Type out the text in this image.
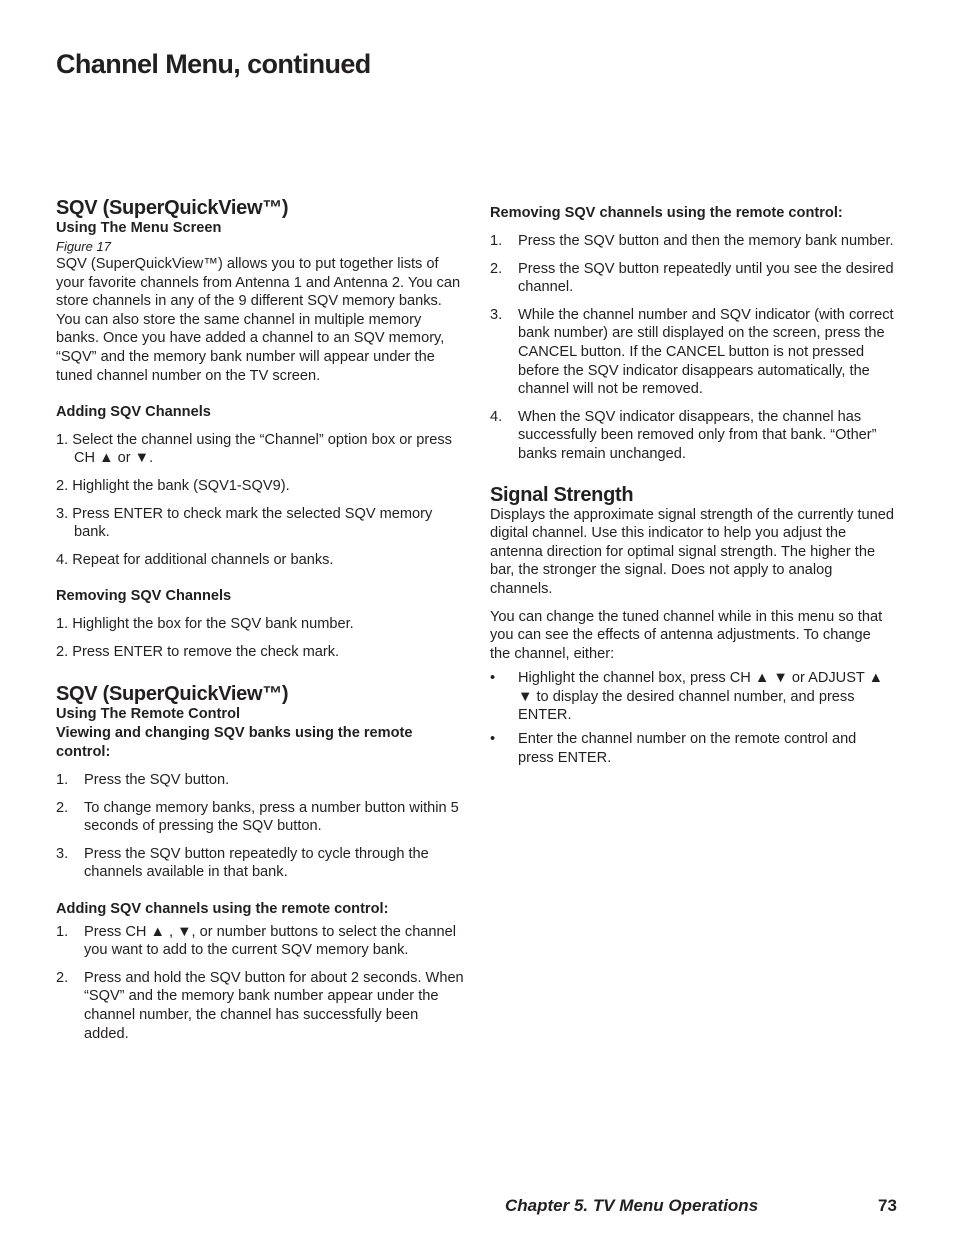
Channel Menu, continued
SQV (SuperQuickView™)

Using The Menu Screen

Figure 17

SQV (SuperQuickView™) allows you to put together lists of your favorite channels from Antenna 1 and Antenna 2. You can store channels in any of the 9 different SQV memory banks. You can also store the same channel in multiple memory banks. Once you have added a channel to an SQV memory, “SQV” and the memory bank number will appear under the tuned channel number on the TV screen.

Adding SQV Channels

1. Select the channel using the “Channel” option box or press CH ▲ or ▼.
2. Highlight the bank (SQV1-SQV9).
3. Press ENTER to check mark the selected SQV memory bank.
4. Repeat for additional channels or banks.

Removing SQV Channels

1. Highlight the box for the SQV bank number.
2. Press ENTER to remove the check mark.
SQV (SuperQuickView™)

Using The Remote Control

Viewing and changing SQV banks using the remote control:

1. Press the SQV button.
2. To change memory banks, press a number button within 5 seconds of pressing the SQV button.
3. Press the SQV button repeatedly to cycle through the channels available in that bank.

Adding SQV channels using the remote control:

1. Press CH ▲ , ▼, or number buttons to select the channel you want to add to the current SQV memory bank.
2. Press and hold the SQV button for about 2 seconds. When “SQV” and the memory bank number appear under the channel number, the channel has successfully been added.

Removing SQV channels using the remote control:

1. Press the SQV button and then the memory bank number.
2. Press the SQV button repeatedly until you see the desired channel.
3. While the channel number and SQV indicator (with correct bank number) are still displayed on the screen, press the CANCEL button. If the CANCEL button is not pressed before the SQV indicator disappears automatically, the channel will not be removed.
4. When the SQV indicator disappears, the channel has successfully been removed only from that bank. “Other” banks remain unchanged.
Signal Strength

Displays the approximate signal strength of the currently tuned digital channel. Use this indicator to help you adjust the antenna direction for optimal signal strength. The higher the bar, the stronger the signal. Does not apply to analog channels.

You can change the tuned channel while in this menu so that you can see the effects of antenna adjustments. To change the channel, either:

• Highlight the channel box, press CH ▲ ▼ or ADJUST ▲ ▼ to display the desired channel number, and press ENTER.
• Enter the channel number on the remote control and press ENTER.
Chapter 5. TV Menu Operations	73
